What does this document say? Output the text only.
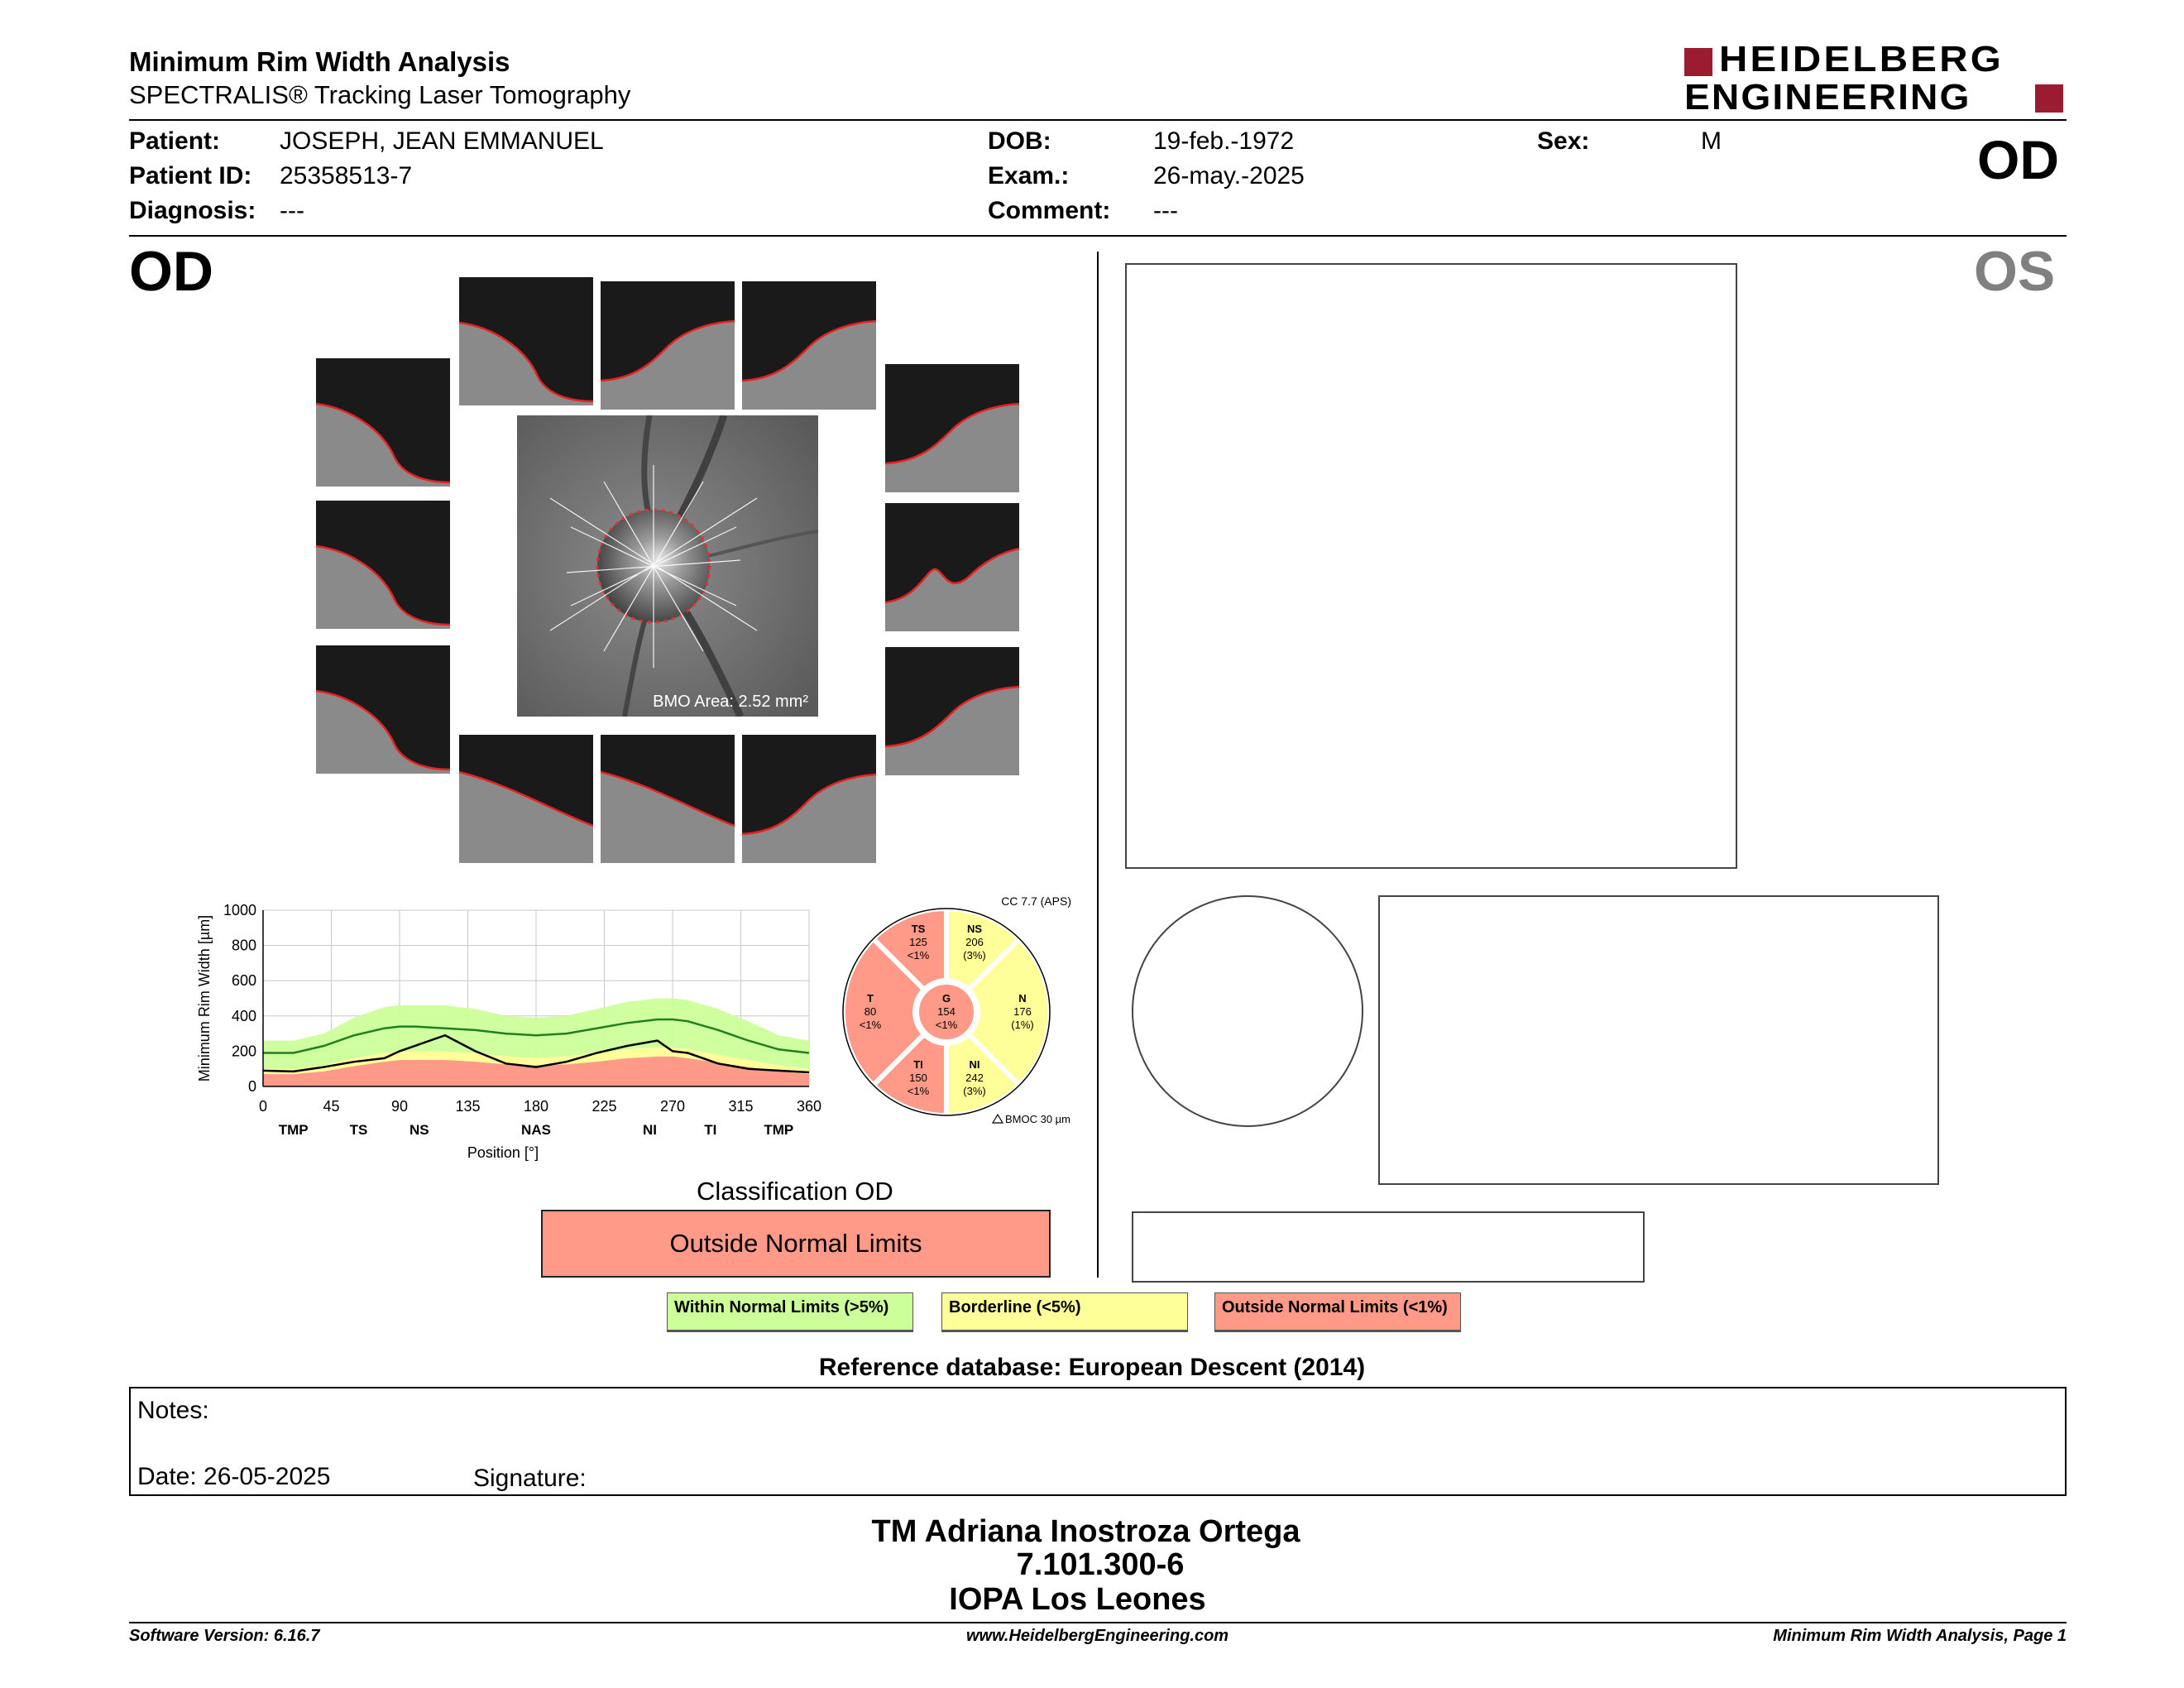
Minimum Rim Width Analysis
SPECTRALIS® Tracking Laser Tomography
HEIDELBERG
ENGINEERING
Patient: JOSEPH, JEAN EMMANUEL
Patient ID: 25358513-7
Diagnosis: ---
DOB:	19-feb.-1972
Exam.:	26-may.-2025
Comment: ---
Sex:	M	OD
OD
BMO Area: 2.52 mm²
0
200
400
600
800
1000
0	45	90	135	180	225	270	315	360
TMP	TS	NS	NAS	NI	TI	TMP
Position [°]
Minimum Rim Width [µm]	TS
125
<1%
NS
206
(3%)
N
176
(1%)
NI
242
(3%)
TI
150
<1%
T
80
<1%
G
154
<1%
CC 7.7 (APS)
BMOC 30 µm
Classification OD
Outside Normal Limits
OS
Within Normal Limits (>5%)	Borderline (<5%)	Outside Normal Limits (<1%)
Reference database: European Descent (2014)
Notes:
Date: 26-05-2025	Signature:
TM Adriana Inostroza Ortega
7.101.300-6
IOPA Los Leones
Software Version: 6.16.7	www.HeidelbergEngineering.com	Minimum Rim Width Analysis, Page 1
